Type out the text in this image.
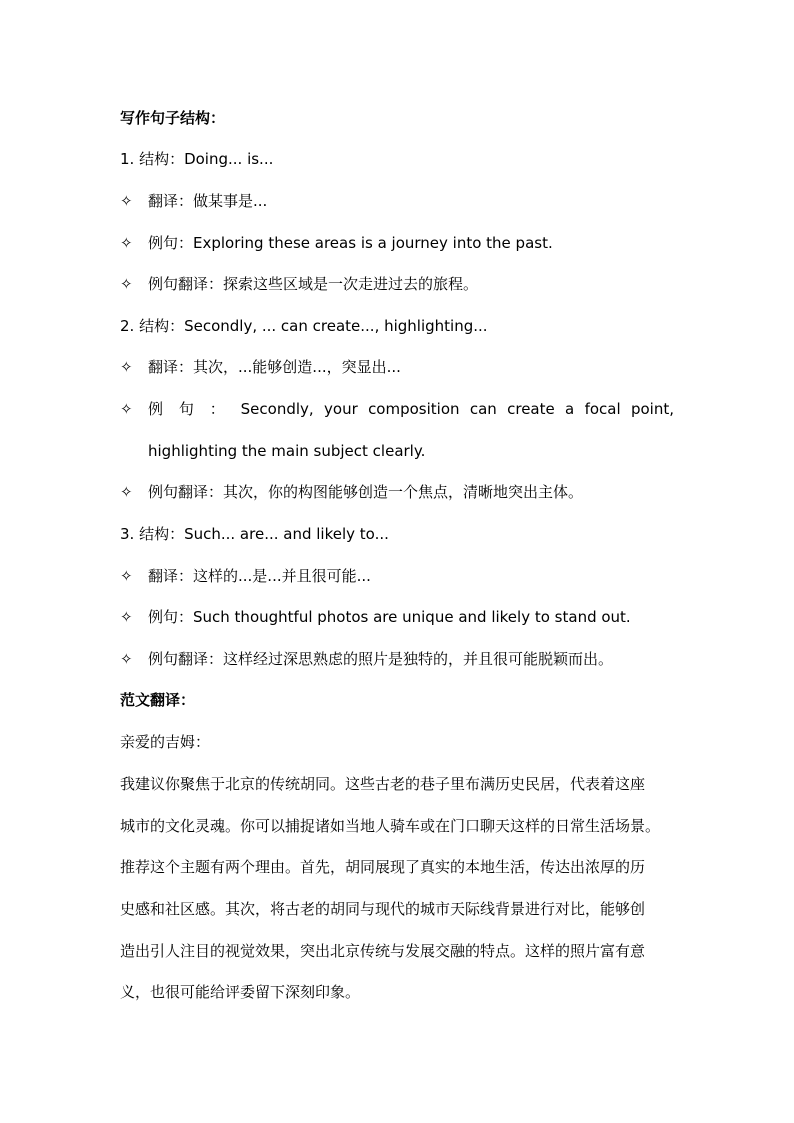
写作句子结构：
1. 结构：Doing... is...
✧ 翻译：做某事是...
✧ 例句：Exploring these areas is a journey into the past.
✧ 例句翻译：探索这些区域是一次走进过去的旅程。
2. 结构：Secondly, ... can create..., highlighting...
✧ 翻译：其次，...能够创造...，突显出...
✧ 例 句 ： Secondly, your composition can create a focal point,
highlighting the main subject clearly.
✧ 例句翻译：其次，你的构图能够创造一个焦点，清晰地突出主体。
3. 结构：Such... are... and likely to...
✧ 翻译：这样的...是...并且很可能...
✧ 例句：Such thoughtful photos are unique and likely to stand out.
✧ 例句翻译：这样经过深思熟虑的照片是独特的，并且很可能脱颖而出。
范文翻译：
亲爱的吉姆：
我建议你聚焦于北京的传统胡同。这些古老的巷子里布满历史民居，代表着这座
城市的文化灵魂。你可以捕捉诸如当地人骑车或在门口聊天这样的日常生活场景。
推荐这个主题有两个理由。首先，胡同展现了真实的本地生活，传达出浓厚的历
史感和社区感。其次，将古老的胡同与现代的城市天际线背景进行对比，能够创
造出引人注目的视觉效果，突出北京传统与发展交融的特点。这样的照片富有意
义，也很可能给评委留下深刻印象。
